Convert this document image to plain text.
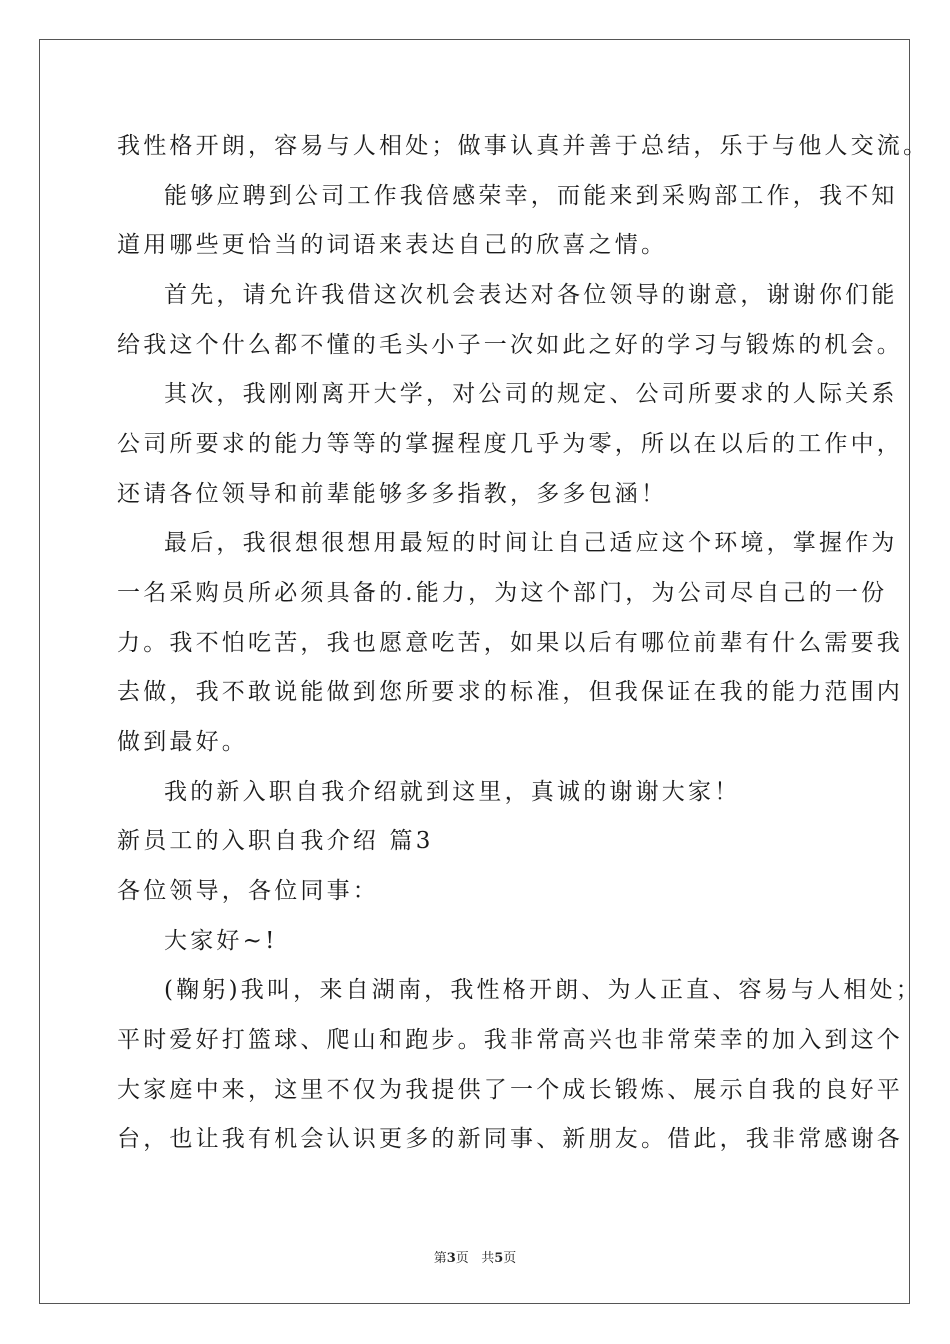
我性格开朗，容易与人相处；做事认真并善于总结，乐于与他人交流。
能够应聘到公司工作我倍感荣幸，而能来到采购部工作，我不知
道用哪些更恰当的词语来表达自己的欣喜之情。
首先，请允许我借这次机会表达对各位领导的谢意，谢谢你们能
给我这个什么都不懂的毛头小子一次如此之好的学习与锻炼的机会。
其次，我刚刚离开大学，对公司的规定、公司所要求的人际关系
公司所要求的能力等等的掌握程度几乎为零，所以在以后的工作中，
还请各位领导和前辈能够多多指教，多多包涵！
最后，我很想很想用最短的时间让自己适应这个环境，掌握作为
一名采购员所必须具备的.能力，为这个部门，为公司尽自己的一份
力。我不怕吃苦，我也愿意吃苦，如果以后有哪位前辈有什么需要我
去做，我不敢说能做到您所要求的标准，但我保证在我的能力范围内
做到最好。
我的新入职自我介绍就到这里，真诚的谢谢大家！
新员工的入职自我介绍 篇3
各位领导，各位同事：
大家好~!
(鞠躬)我叫，来自湖南，我性格开朗、为人正直、容易与人相处；
平时爱好打篮球、爬山和跑步。我非常高兴也非常荣幸的加入到这个
大家庭中来，这里不仅为我提供了一个成长锻炼、展示自我的良好平
台，也让我有机会认识更多的新同事、新朋友。借此，我非常感谢各
第3页 共5页
